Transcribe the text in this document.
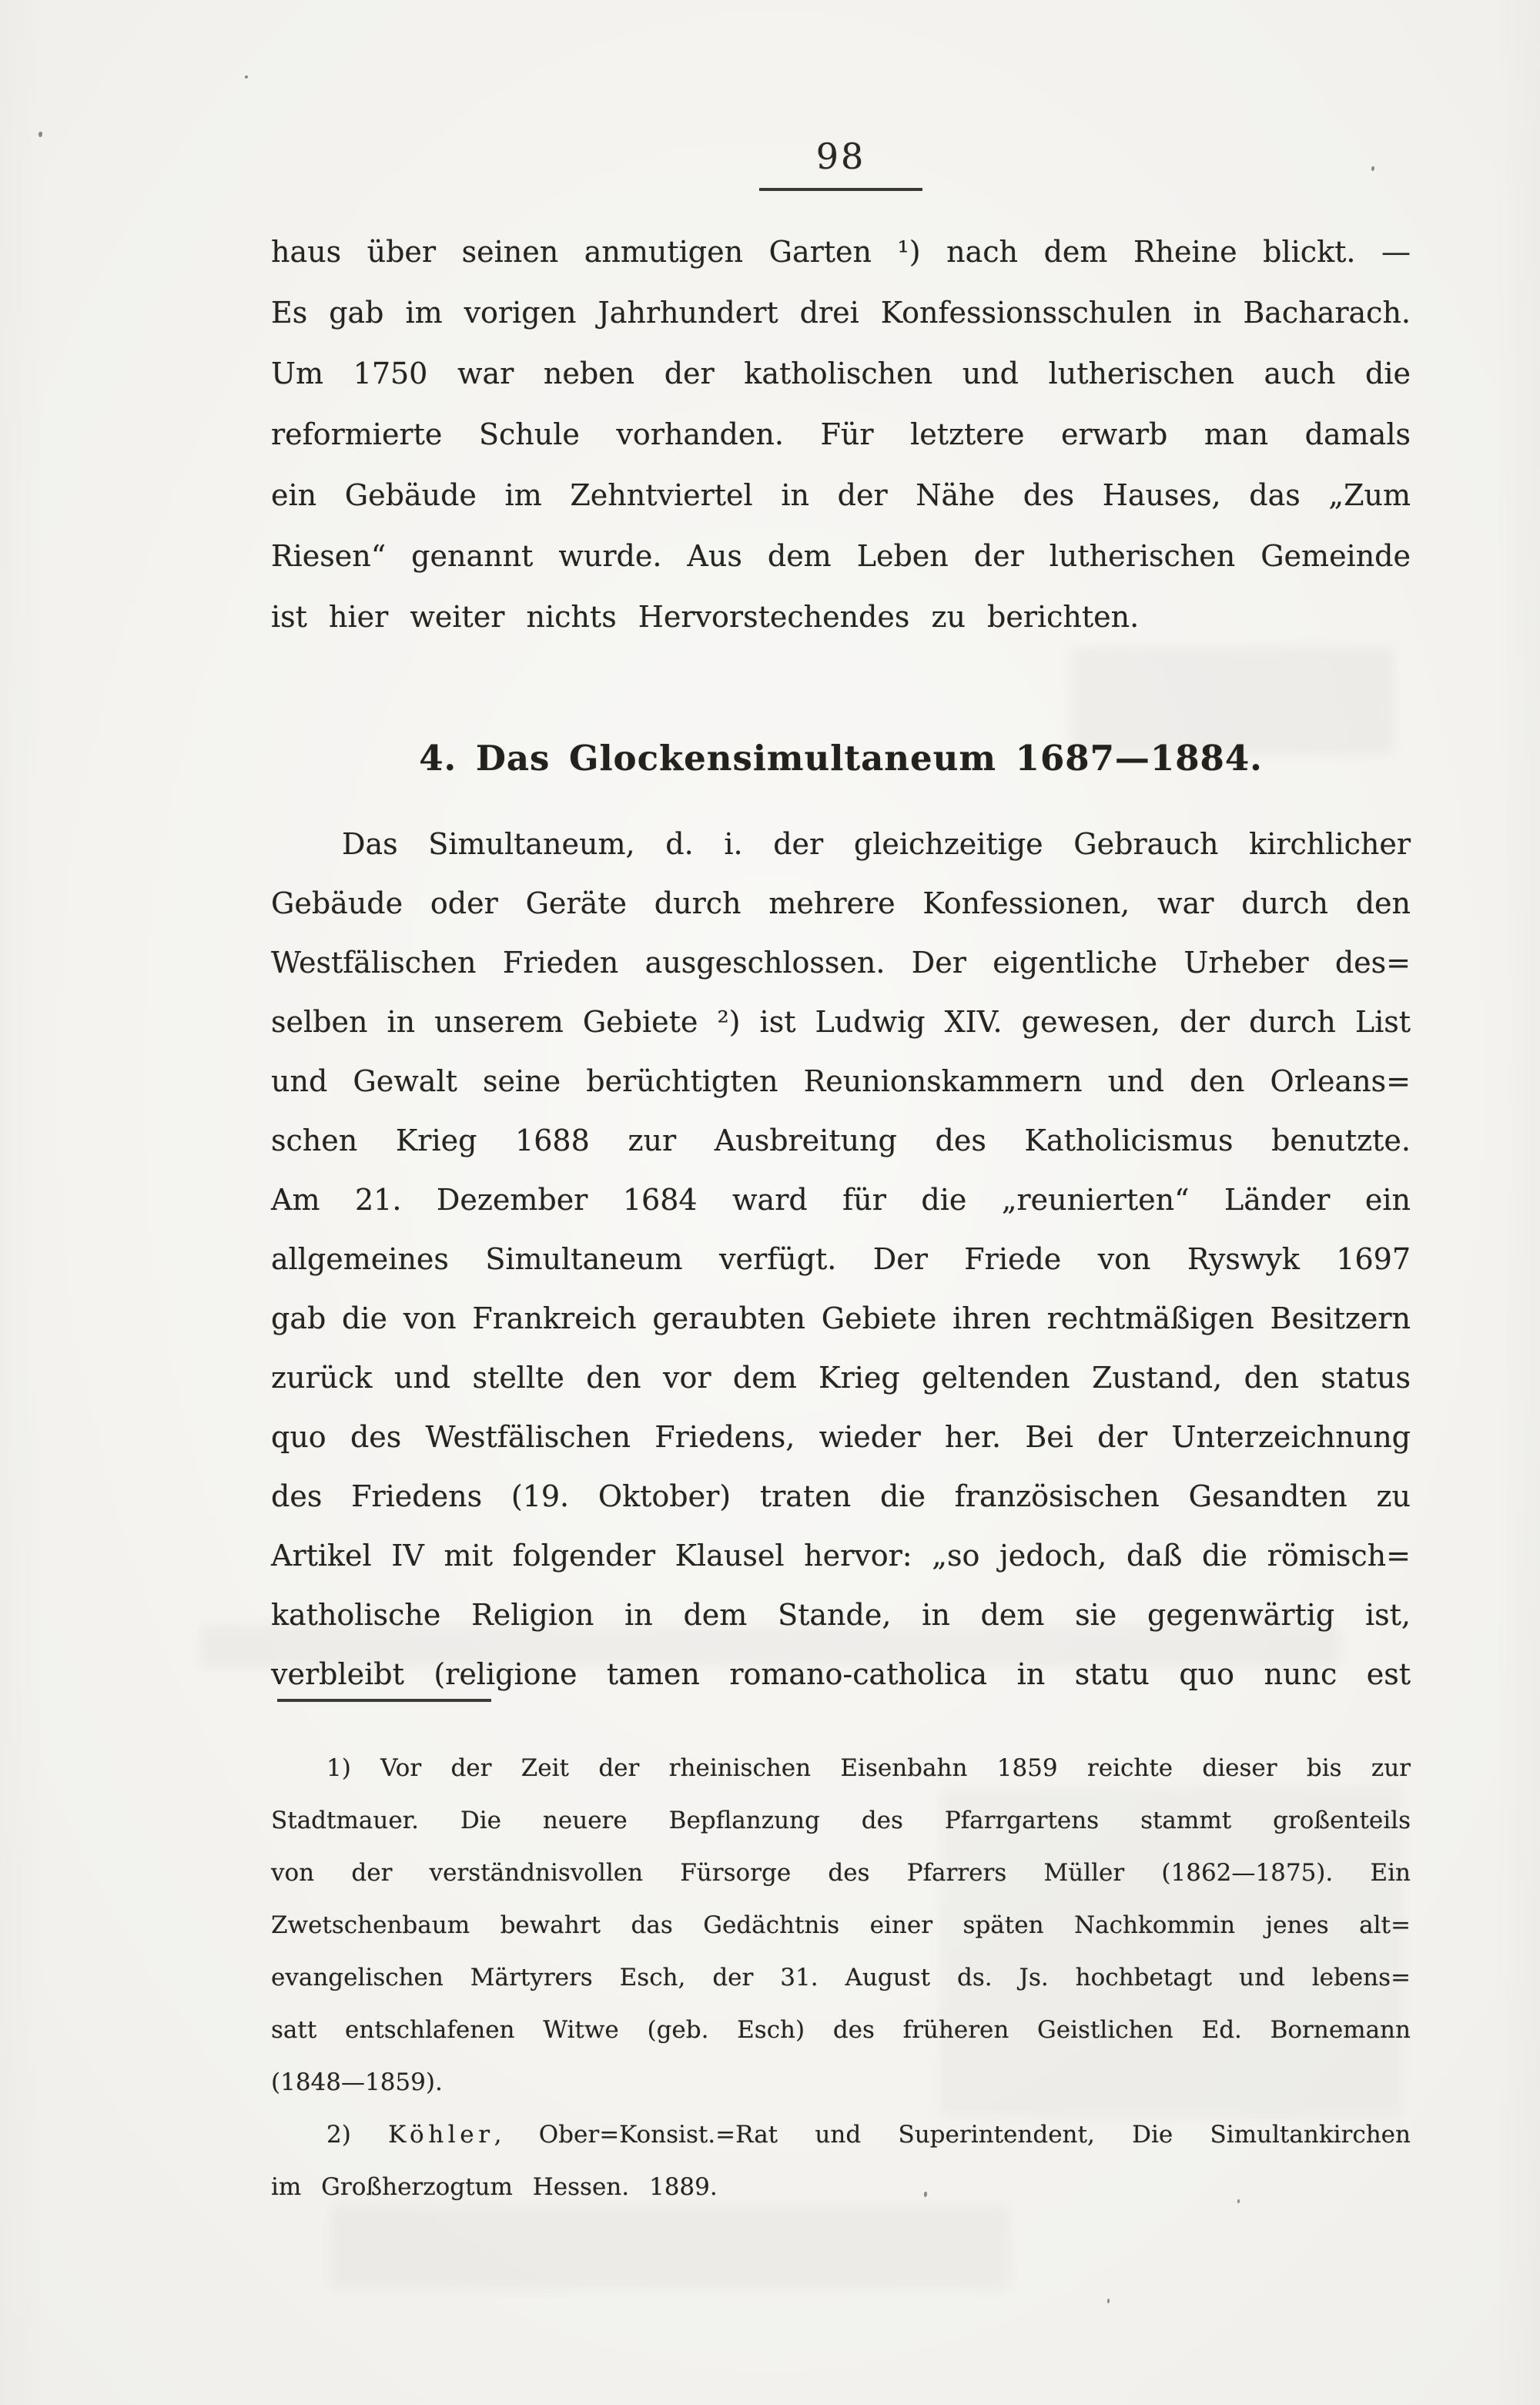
98
haus über seinen anmutigen Garten ¹) nach dem Rheine blickt. —
Es gab im vorigen Jahrhundert drei Konfessionsschulen in Bacharach.
Um 1750 war neben der katholischen und lutherischen auch die
reformierte Schule vorhanden. Für letztere erwarb man damals
ein Gebäude im Zehntviertel in der Nähe des Hauses, das „Zum
Riesen“ genannt wurde. Aus dem Leben der lutherischen Gemeinde
ist hier weiter nichts Hervorstechendes zu berichten.
4. Das Glockensimultaneum 1687—1884.
Das Simultaneum, d. i. der gleichzeitige Gebrauch kirchlicher
Gebäude oder Geräte durch mehrere Konfessionen, war durch den
Westfälischen Frieden ausgeschlossen. Der eigentliche Urheber des=
selben in unserem Gebiete ²) ist Ludwig XIV. gewesen, der durch List
und Gewalt seine berüchtigten Reunionskammern und den Orleans=
schen Krieg 1688 zur Ausbreitung des Katholicismus benutzte.
Am 21. Dezember 1684 ward für die „reunierten“ Länder ein
allgemeines Simultaneum verfügt. Der Friede von Ryswyk 1697
gab die von Frankreich geraubten Gebiete ihren rechtmäßigen Besitzern
zurück und stellte den vor dem Krieg geltenden Zustand, den status
quo des Westfälischen Friedens, wieder her. Bei der Unterzeichnung
des Friedens (19. Oktober) traten die französischen Gesandten zu
Artikel IV mit folgender Klausel hervor: „so jedoch, daß die römisch=
katholische Religion in dem Stande, in dem sie gegenwärtig ist,
verbleibt (religione tamen romano-catholica in statu quo nunc est
1) Vor der Zeit der rheinischen Eisenbahn 1859 reichte dieser bis zur
Stadtmauer. Die neuere Bepflanzung des Pfarrgartens stammt großenteils
von der verständnisvollen Fürsorge des Pfarrers Müller (1862—1875). Ein
Zwetschenbaum bewahrt das Gedächtnis einer späten Nachkommin jenes alt=
evangelischen Märtyrers Esch, der 31. August ds. Js. hochbetagt und lebens=
satt entschlafenen Witwe (geb. Esch) des früheren Geistlichen Ed. Bornemann
(1848—1859).
2) Köhler, Ober=Konsist.=Rat und Superintendent, Die Simultankirchen
im Großherzogtum Hessen. 1889.
